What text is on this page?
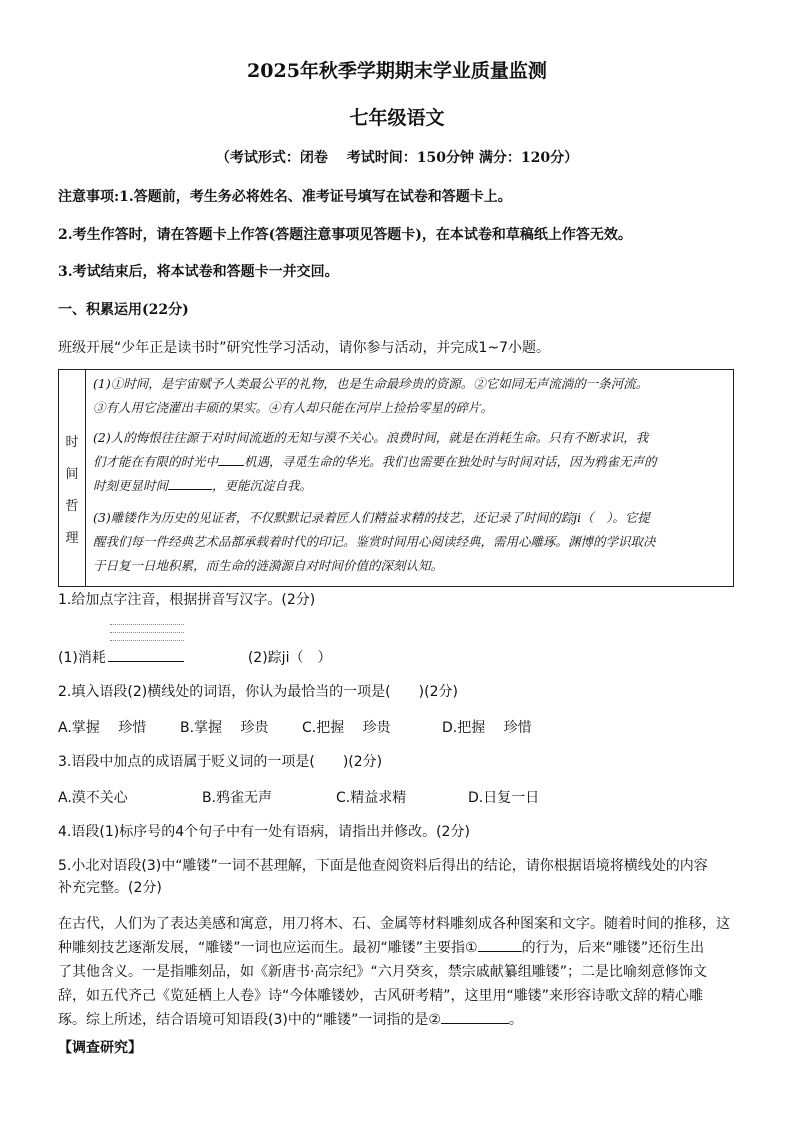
2025年秋季学期期末学业质量监测
七年级语文
（考试形式：闭卷　 考试时间：150分钟 满分：120分）
注意事项:1.答题前，考生务必将姓名、准考证号填写在试卷和答题卡上。
2.考生作答时，请在答题卡上作答(答题注意事项见答题卡)，在本试卷和草稿纸上作答无效。
3.考试结束后，将本试卷和答题卡一并交回。
一、积累运用(22分)
班级开展“少年正是读书时”研究性学习活动，请你参与活动，并完成1~7小题。
时
间
哲
理
(1)①时间，是宇宙赋予人类最公平的礼物，也是生命最珍贵的资源。②它如同无声流淌的一条河流。
③有人用它浇灌出丰硕的果实。④有人却只能在河岸上捡拾零星的碎片。
(2)人的悔恨往往源于对时间流逝的无知与漠不关心。浪费时间，就是在消耗生命。只有不断求识，我
们才能在有限的时光中 机遇，寻觅生命的华光。我们也需要在独处时与时间对话，因为鸦雀无声的
时刻更显时间	，更能沉淀自我。
(3)雕镂作为历史的见证者，不仅默默记录着匠人们精益求精的技艺，还记录了时间的踪ji（　）。它提
醒我们每一件经典艺术品都承载着时代的印记。鉴赏时间用心阅读经典，需用心雕琢。渊博的学识取决
于日复一日地积累，而生命的涟漪源自对时间价值的深刻认知。
1.给加点字注音，根据拼音写汉字。(2分)
(1)消耗	(2)踪ji（　）
2.填入语段(2)横线处的词语，你认为最恰当的一项是(　　)(2分)
A.掌握　 珍惜 B.掌握　 珍贵 C.把握　 珍贵	D.把握　 珍惜
3.语段中加点的成语属于贬义词的一项是(　　)(2分)
A.漠不关心	B.鸦雀无声	C.精益求精	D.日复一日
4.语段(1)标序号的4个句子中有一处有语病，请指出并修改。(2分)
5.小北对语段(3)中“雕镂”一词不甚理解，下面是他查阅资料后得出的结论，请你根据语境将横线处的内容
补充完整。(2分)
在古代，人们为了表达美感和寓意，用刀将木、石、金属等材料雕刻成各种图案和文字。随着时间的推移，这
种雕刻技艺逐渐发展，“雕镂”一词也应运而生。最初“雕镂”主要指①	的行为，后来“雕镂”还衍生出
了其他含义。一是指雕刻品，如《新唐书·高宗纪》“六月癸亥，禁宗戚献纂组雕镂”；二是比喻刻意修饰文
辞，如五代齐己《览延栖上人卷》诗“今体雕镂妙，古风研考精”，这里用“雕镂”来形容诗歌文辞的精心雕
琢。综上所述，结合语境可知语段(3)中的“雕镂”一词指的是②	。
【调查研究】
